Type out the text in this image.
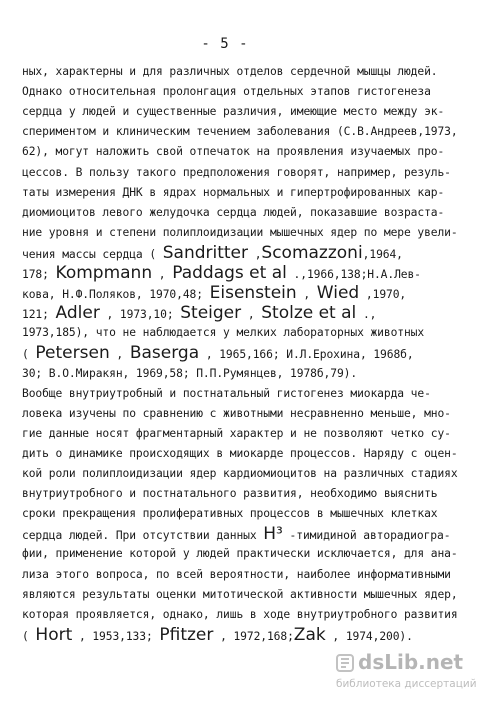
- 5 -
ных, характерны и для различных отделов сердечной мышцы людей.
Однако относительная пролонгация отдельных этапов гистогенеза
сердца у людей и существенные различия, имеющие место между эк-
спериментом и клиническим течением заболевания (С.В.Андреев,1973,
62), могут наложить свой отпечаток на проявления изучаемых про-
цессов. В пользу такого предположения говорят, например, резуль-
таты измерения ДНК в ядрах нормальных и гипертрофированных кар-
диомиоцитов левого желудочка сердца людей, показавшие возраста-
ние уровня и степени полиплоидизации мышечных ядер по мере увели-
чения массы сердца ( Sandritter ,Scomazzoni,1964,
178; Kompmann , Paddags et al .,1966,138;Н.А.Лев-
кова, Н.Ф.Поляков, 1970,48; Eisenstein , Wied ,1970,
121; Adler , 1973,10; Steiger , Stolze et al .,
1973,185), что не наблюдается у мелких лабораторных животных
( Petersen , Baserga , 1965,166; И.Л.Ерохина, 1968б,
30; В.О.Миракян, 1969,58; П.П.Румянцев, 1978б,79).
Вообще внутриутробный и постнатальный гистогенез миокарда че-
ловека изучены по сравнению с животными несравненно меньше, мно-
гие данные носят фрагментарный характер и не позволяют четко су-
дить о динамике происходящих в миокарде процессов. Наряду с оцен-
кой роли полиплоидизации ядер кардиомиоцитов на различных стадиях
внутриутробного и постнатального развития, необходимо выяснить
сроки прекращения пролиферативных процессов в мышечных клетках
сердца людей. При отсутствии данных H³ -тимидиной авторадиогра-
фии, применение которой у людей практически исключается, для ана-
лиза этого вопроса, по всей вероятности, наиболее информативными
являются результаты оценки митотической активности мышечных ядер,
которая проявляется, однако, лишь в ходе внутриутробного развития
( Hort , 1953,133; Pfitzer , 1972,168;Zak , 1974,200).
dsLib.net
библиотека диссертаций
